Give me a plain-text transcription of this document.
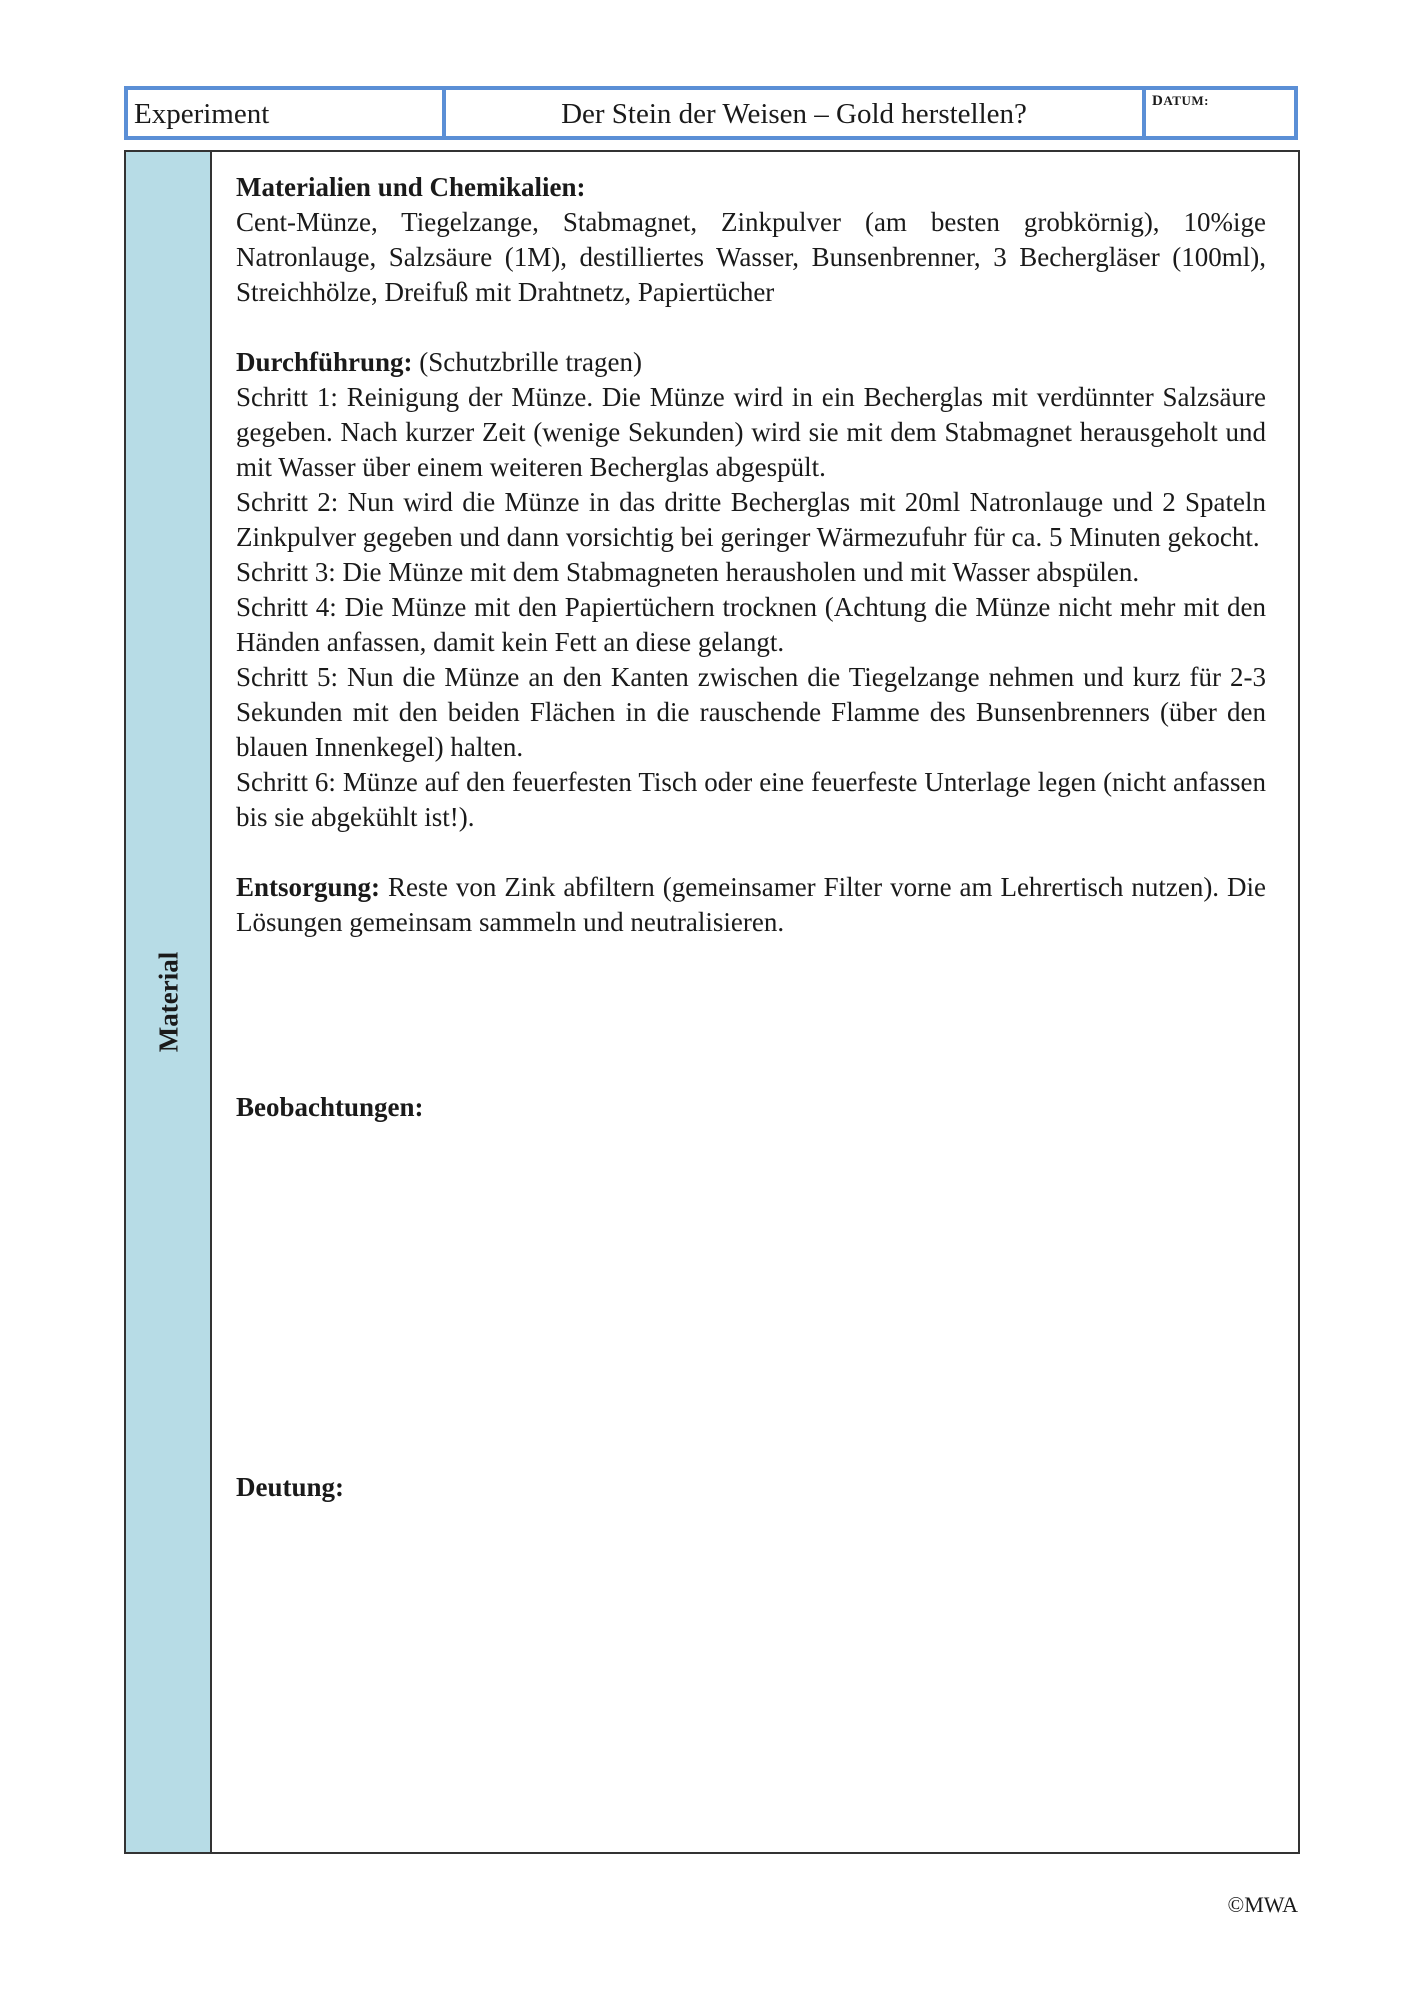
Experiment	Der Stein der Weisen – Gold herstellen?	DATUM:
Material

Materialien und Chemikalien:

Cent-Münze, Tiegelzange, Stabmagnet, Zinkpulver (am besten grobkörnig), 10%ige Natronlauge, Salzsäure (1M), destilliertes Wasser, Bunsenbrenner, 3 Bechergläser (100ml), Streichhölze, Dreifuß mit Drahtnetz, Papiertücher

Durchführung: (Schutzbrille tragen)

Schritt 1: Reinigung der Münze. Die Münze wird in ein Becherglas mit verdünnter Salzsäure gegeben. Nach kurzer Zeit (wenige Sekunden) wird sie mit dem Stabmagnet herausgeholt und mit Wasser über einem weiteren Becherglas abgespült.

Schritt 2: Nun wird die Münze in das dritte Becherglas mit 20ml Natronlauge und 2 Spateln Zinkpulver gegeben und dann vorsichtig bei geringer Wärmezufuhr für ca. 5 Minuten gekocht.

Schritt 3: Die Münze mit dem Stabmagneten herausholen und mit Wasser abspülen.

Schritt 4: Die Münze mit den Papiertüchern trocknen (Achtung die Münze nicht mehr mit den Händen anfassen, damit kein Fett an diese gelangt.

Schritt 5: Nun die Münze an den Kanten zwischen die Tiegelzange nehmen und kurz für 2-3 Sekunden mit den beiden Flächen in die rauschende Flamme des Bunsenbrenners (über den blauen Innenkegel) halten.

Schritt 6: Münze auf den feuerfesten Tisch oder eine feuerfeste Unterlage legen (nicht anfassen bis sie abgekühlt ist!).

Entsorgung: Reste von Zink abfiltern (gemeinsamer Filter vorne am Lehrertisch nutzen). Die Lösungen gemeinsam sammeln und neutralisieren.

Beobachtungen:
Deutung:
©MWA
